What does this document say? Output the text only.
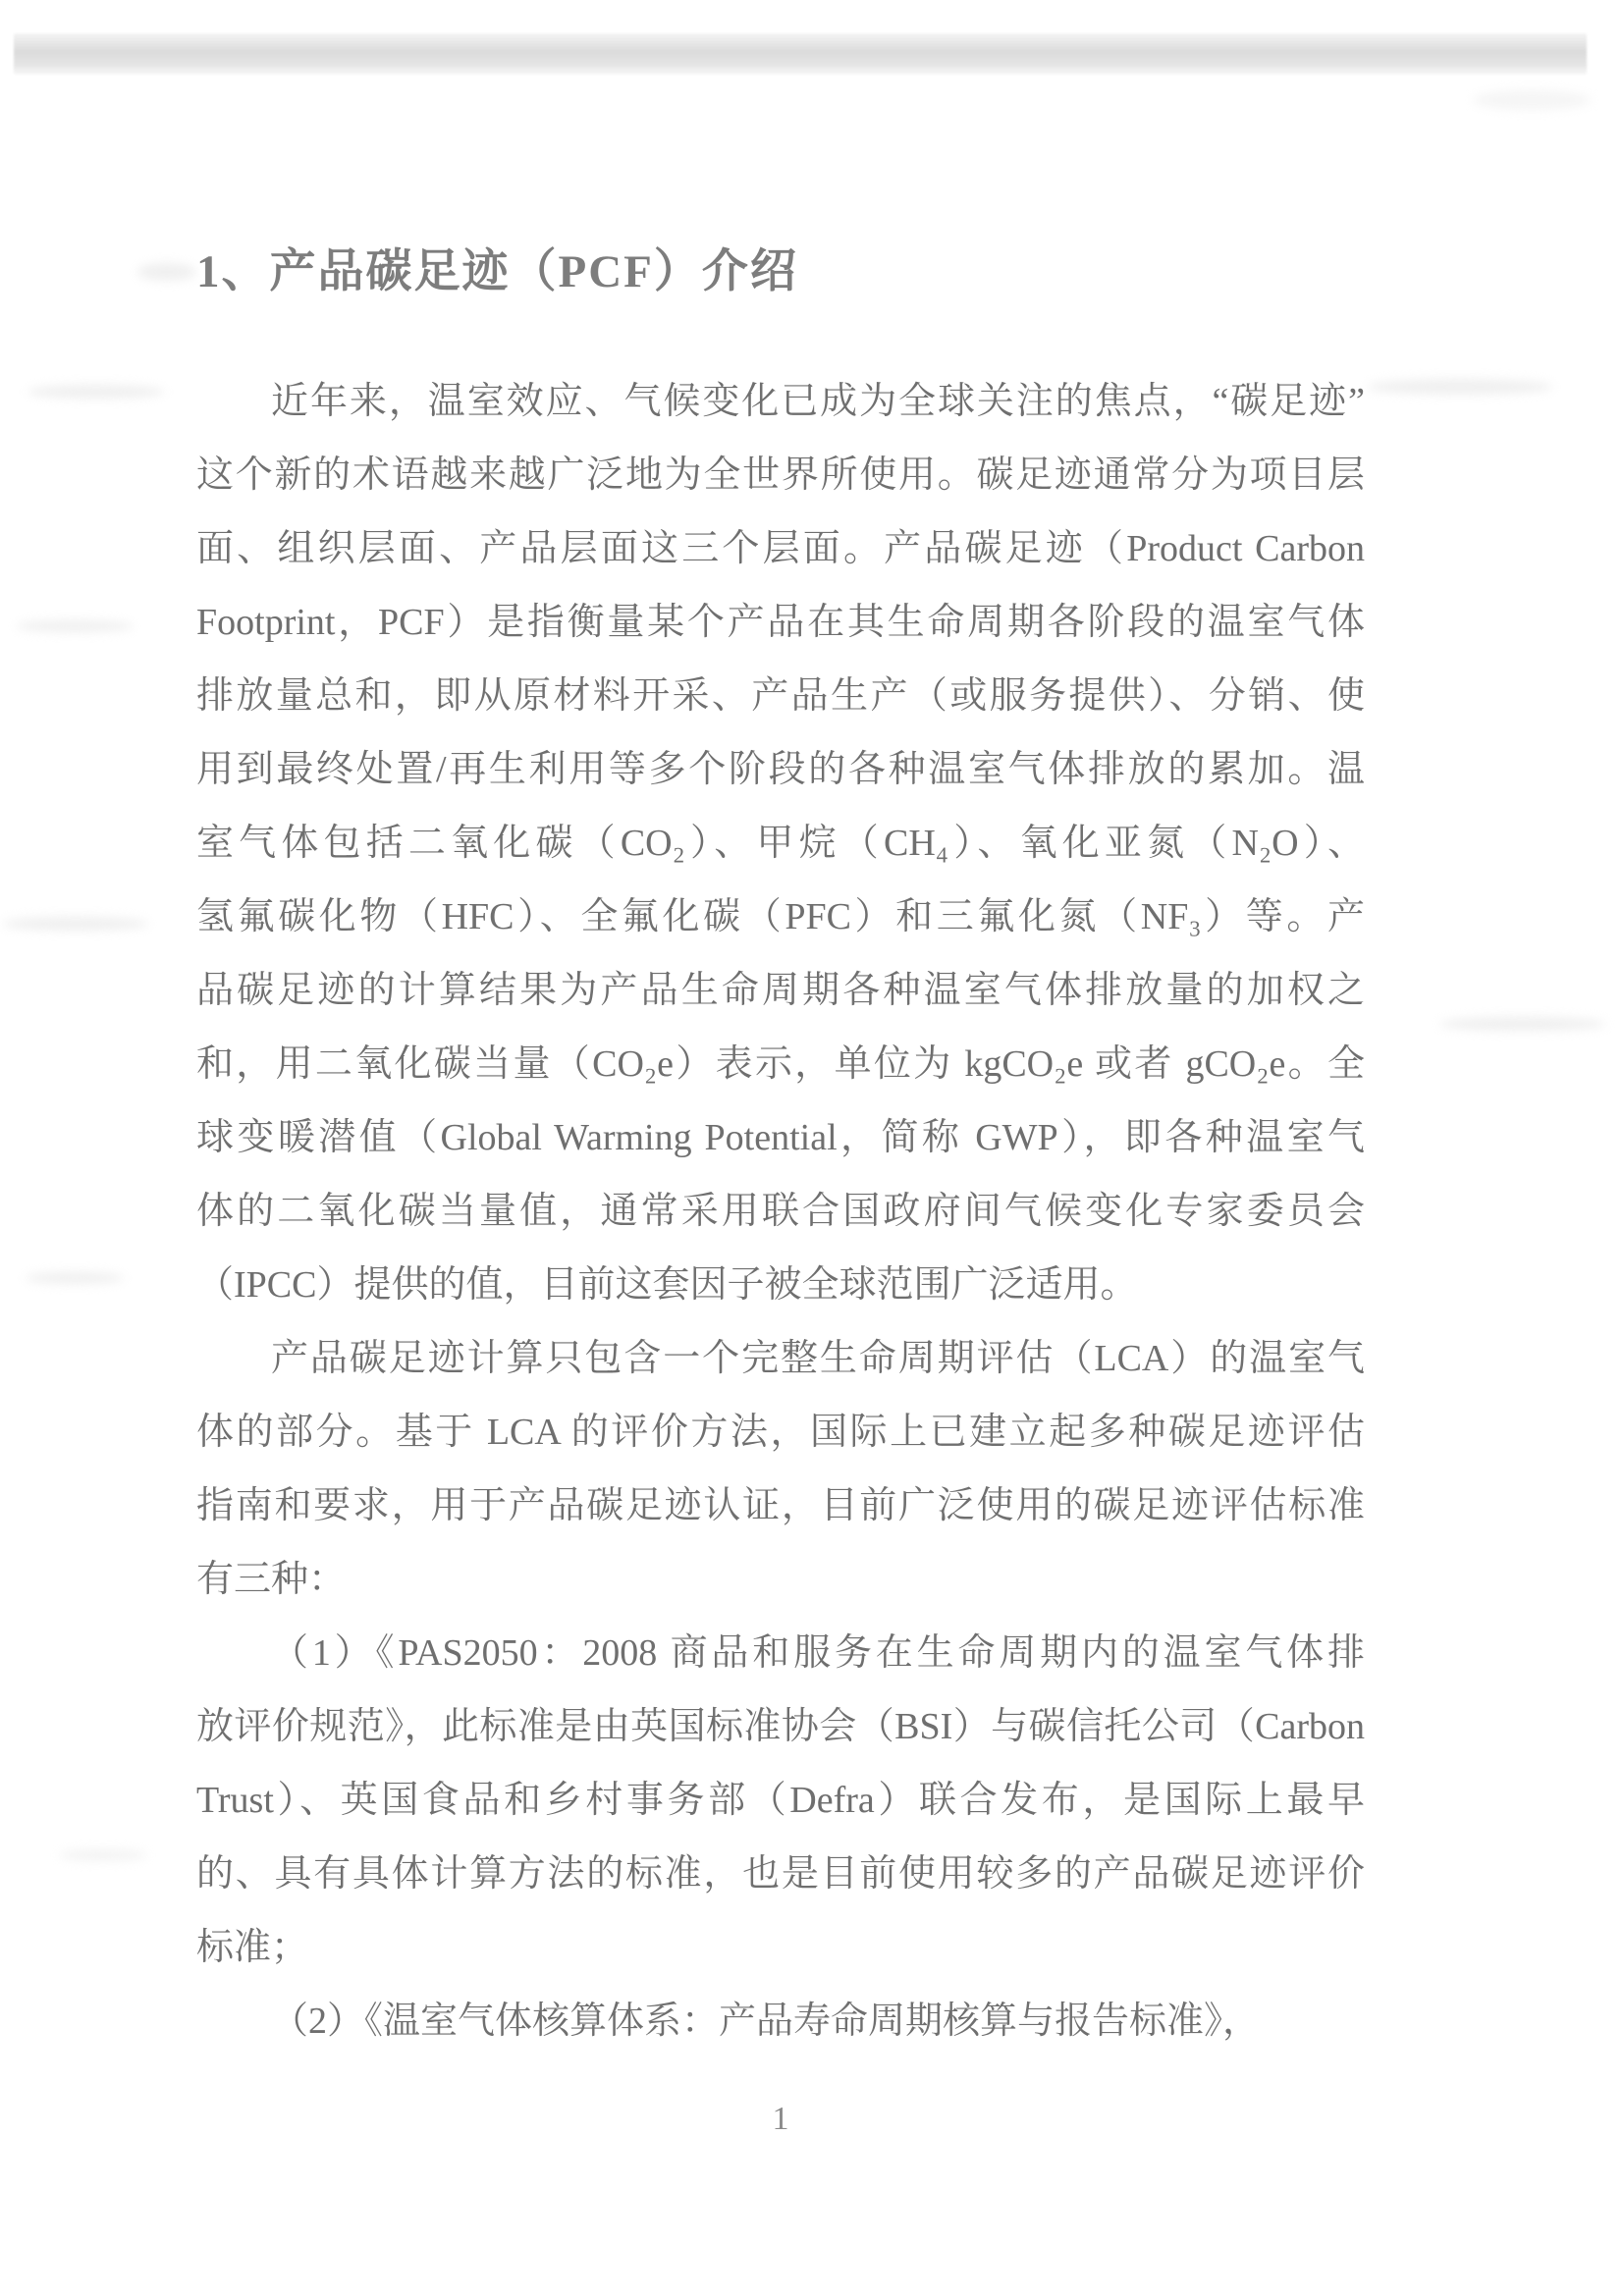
1、产品碳足迹（PCF）介绍
近年来，温室效应、气候变化已成为全球关注的焦点，“碳足迹”
这个新的术语越来越广泛地为全世界所使用。碳足迹通常分为项目层
面、组织层面、产品层面这三个层面。产品碳足迹（Product Carbon
Footprint，PCF）是指衡量某个产品在其生命周期各阶段的温室气体
排放量总和，即从原材料开采、产品生产（或服务提供）、分销、使
用到最终处置/再生利用等多个阶段的各种温室气体排放的累加。温
室气体包括二氧化碳（CO₂）、甲烷（CH₄）、氧化亚氮（N₂O）、
氢氟碳化物（HFC）、全氟化碳（PFC）和三氟化氮（NF₃）等。产
品碳足迹的计算结果为产品生命周期各种温室气体排放量的加权之
和，用二氧化碳当量（CO₂e）表示，单位为 kgCO₂e 或者 gCO₂e。全
球变暖潜值（Global Warming Potential，简称 GWP），即各种温室气
体的二氧化碳当量值，通常采用联合国政府间气候变化专家委员会
（IPCC）提供的值，目前这套因子被全球范围广泛适用。
产品碳足迹计算只包含一个完整生命周期评估（LCA）的温室气
体的部分。基于 LCA 的评价方法，国际上已建立起多种碳足迹评估
指南和要求，用于产品碳足迹认证，目前广泛使用的碳足迹评估标准
有三种：
（1）《PAS2050：2008 商品和服务在生命周期内的温室气体排
放评价规范》，此标准是由英国标准协会（BSI）与碳信托公司（Carbon
Trust）、英国食品和乡村事务部（Defra）联合发布，是国际上最早
的、具有具体计算方法的标准，也是目前使用较多的产品碳足迹评价
标准；
（2）《温室气体核算体系：产品寿命周期核算与报告标准》，
1
